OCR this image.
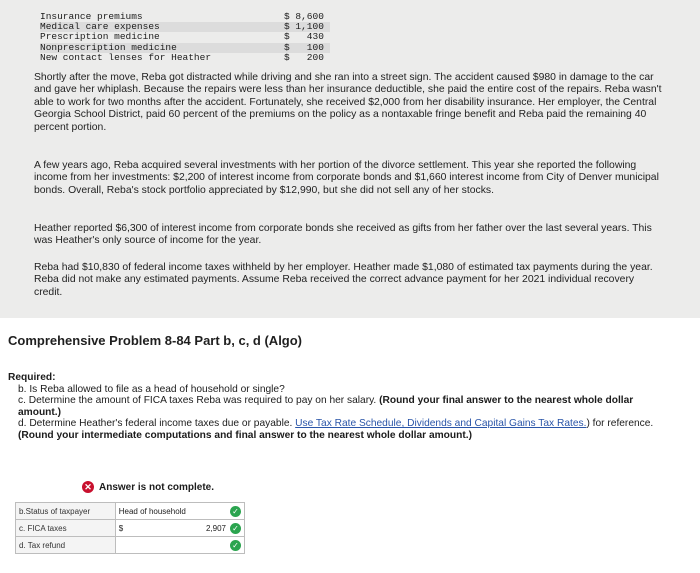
Insurance premiums	$ 8,600
Medical care expenses	$ 1,100
Prescription medicine	$   430
Nonprescription medicine	$   100
New contact lenses for Heather	$   200

Shortly after the move, Reba got distracted while driving and she ran into a street sign. The accident caused $980 in damage to the car and gave her whiplash. Because the repairs were less than her insurance deductible, she paid the entire cost of the repairs. Reba wasn't able to work for two months after the accident. Fortunately, she received $2,000 from her disability insurance. Her employer, the Central Georgia School District, paid 60 percent of the premiums on the policy as a nontaxable fringe benefit and Reba paid the remaining 40 percent portion.

A few years ago, Reba acquired several investments with her portion of the divorce settlement. This year she reported the following income from her investments: $2,200 of interest income from corporate bonds and $1,660 interest income from City of Denver municipal bonds. Overall, Reba's stock portfolio appreciated by $12,990, but she did not sell any of her stocks.

Heather reported $6,300 of interest income from corporate bonds she received as gifts from her father over the last several years. This was Heather's only source of income for the year.

Reba had $10,830 of federal income taxes withheld by her employer. Heather made $1,080 of estimated tax payments during the year. Reba did not make any estimated payments. Assume Reba received the correct advance payment for her 2021 individual recovery credit.

Comprehensive Problem 8-84 Part b, c, d (Algo)
Required:
b. Is Reba allowed to file as a head of household or single?
c. Determine the amount of FICA taxes Reba was required to pay on her salary. (Round your final answer to the nearest whole dollar amount.)
d. Determine Heather's federal income taxes due or payable. Use Tax Rate Schedule, Dividends and Capital Gains Tax Rates.) for reference. (Round your intermediate computations and final answer to the nearest whole dollar amount.)
✕ Answer is not complete.
b.Status of taxpayer	Head of household ✓

c. FICA taxes	$ 2,907 ✓

d. Tax refund	✓
